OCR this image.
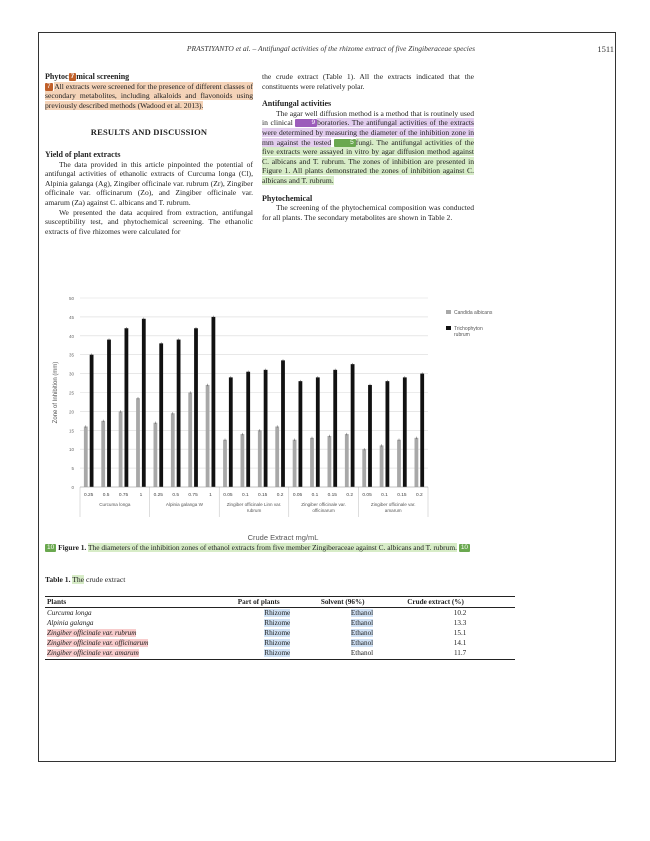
PRASTIYANTO et al. – Antifungal activities of the rhizome extract of five Zingiberaceae species	1511
Phytoc 7 mical screening

7 All extracts were screened for the presence of different classes of secondary metabolites, including alkaloids and flavonoids using previously described methods (Wadood et al. 2013).

RESULTS AND DISCUSSION
Yield of plant extracts

The data provided in this article pinpointed the potential of antifungal activities of ethanolic extracts of Curcuma longa (Cl), Alpinia galanga (Ag), Zingiber officinale var. rubrum (Zr), Zingiber officinale var. officinarum (Zo), and Zingiber officinale var. amarum (Za) against C. albicans and T. rubrum.

We presented the data acquired from extraction, antifungal susceptibility test, and phytochemical screening. The ethanolic extracts of five rhizomes were calculated for

the crude extract (Table 1). All the extracts indicated that the constituents were relatively polar.

Antifungal activities

The agar well diffusion method is a method that is routinely used in clinical	9 boratories. The antifungal activities of the extracts were determined by measuring the diameter of the inhibition zone in mm against the tested	5 fungi. The antifungal activities of the five extracts were assayed in vitro by agar diffusion method against C. albicans and T. rubrum. The zones of inhibition are presented in Figure 1. All plants demonstrated the zones of inhibition against C. albicans and T. rubrum.

Phytochemical

The screening of the phytochemical composition was conducted for all plants. The secondary metabolites are shown in Table 2.

0
5
10
15
20
25
30
35
40
45
50
Zone of Inhibition (mm)
0.25 0.5 0.75 1 0.25 0.5 0.75 1 0.05 0.1 0.15 0.2 0.05 0.1 0.15 0.2 0.05 0.1 0.15 0.2
Curcuma longa	Alpinia galanga W	Zingiber officinale Linn var.
rubrum
Zingiber officinale var.
officinarum
Zingiber officinale var.
amarum
Candida albicans
Trichophyton
rubrum
Crude Extract mg/mL
10 Figure 1. The diameters of the inhibition zones of ethanol extracts from five member Zingiberaceae against C. albicans and T. rubrum. 10
Table 1. The crude extract
Plants	Part of plants	Solvent (96%)	Crude extract (%)
Curcuma longa	Rhizome	Ethanol	10.2
Alpinia galanga	Rhizome	Ethanol	13.3
Zingiber officinale var. rubrum	Rhizome	Ethanol	15.1
Zingiber officinale var. officinarum	Rhizome	Ethanol	14.1
Zingiber officinale var. amarum	Rhizome	Ethanol	11.7
